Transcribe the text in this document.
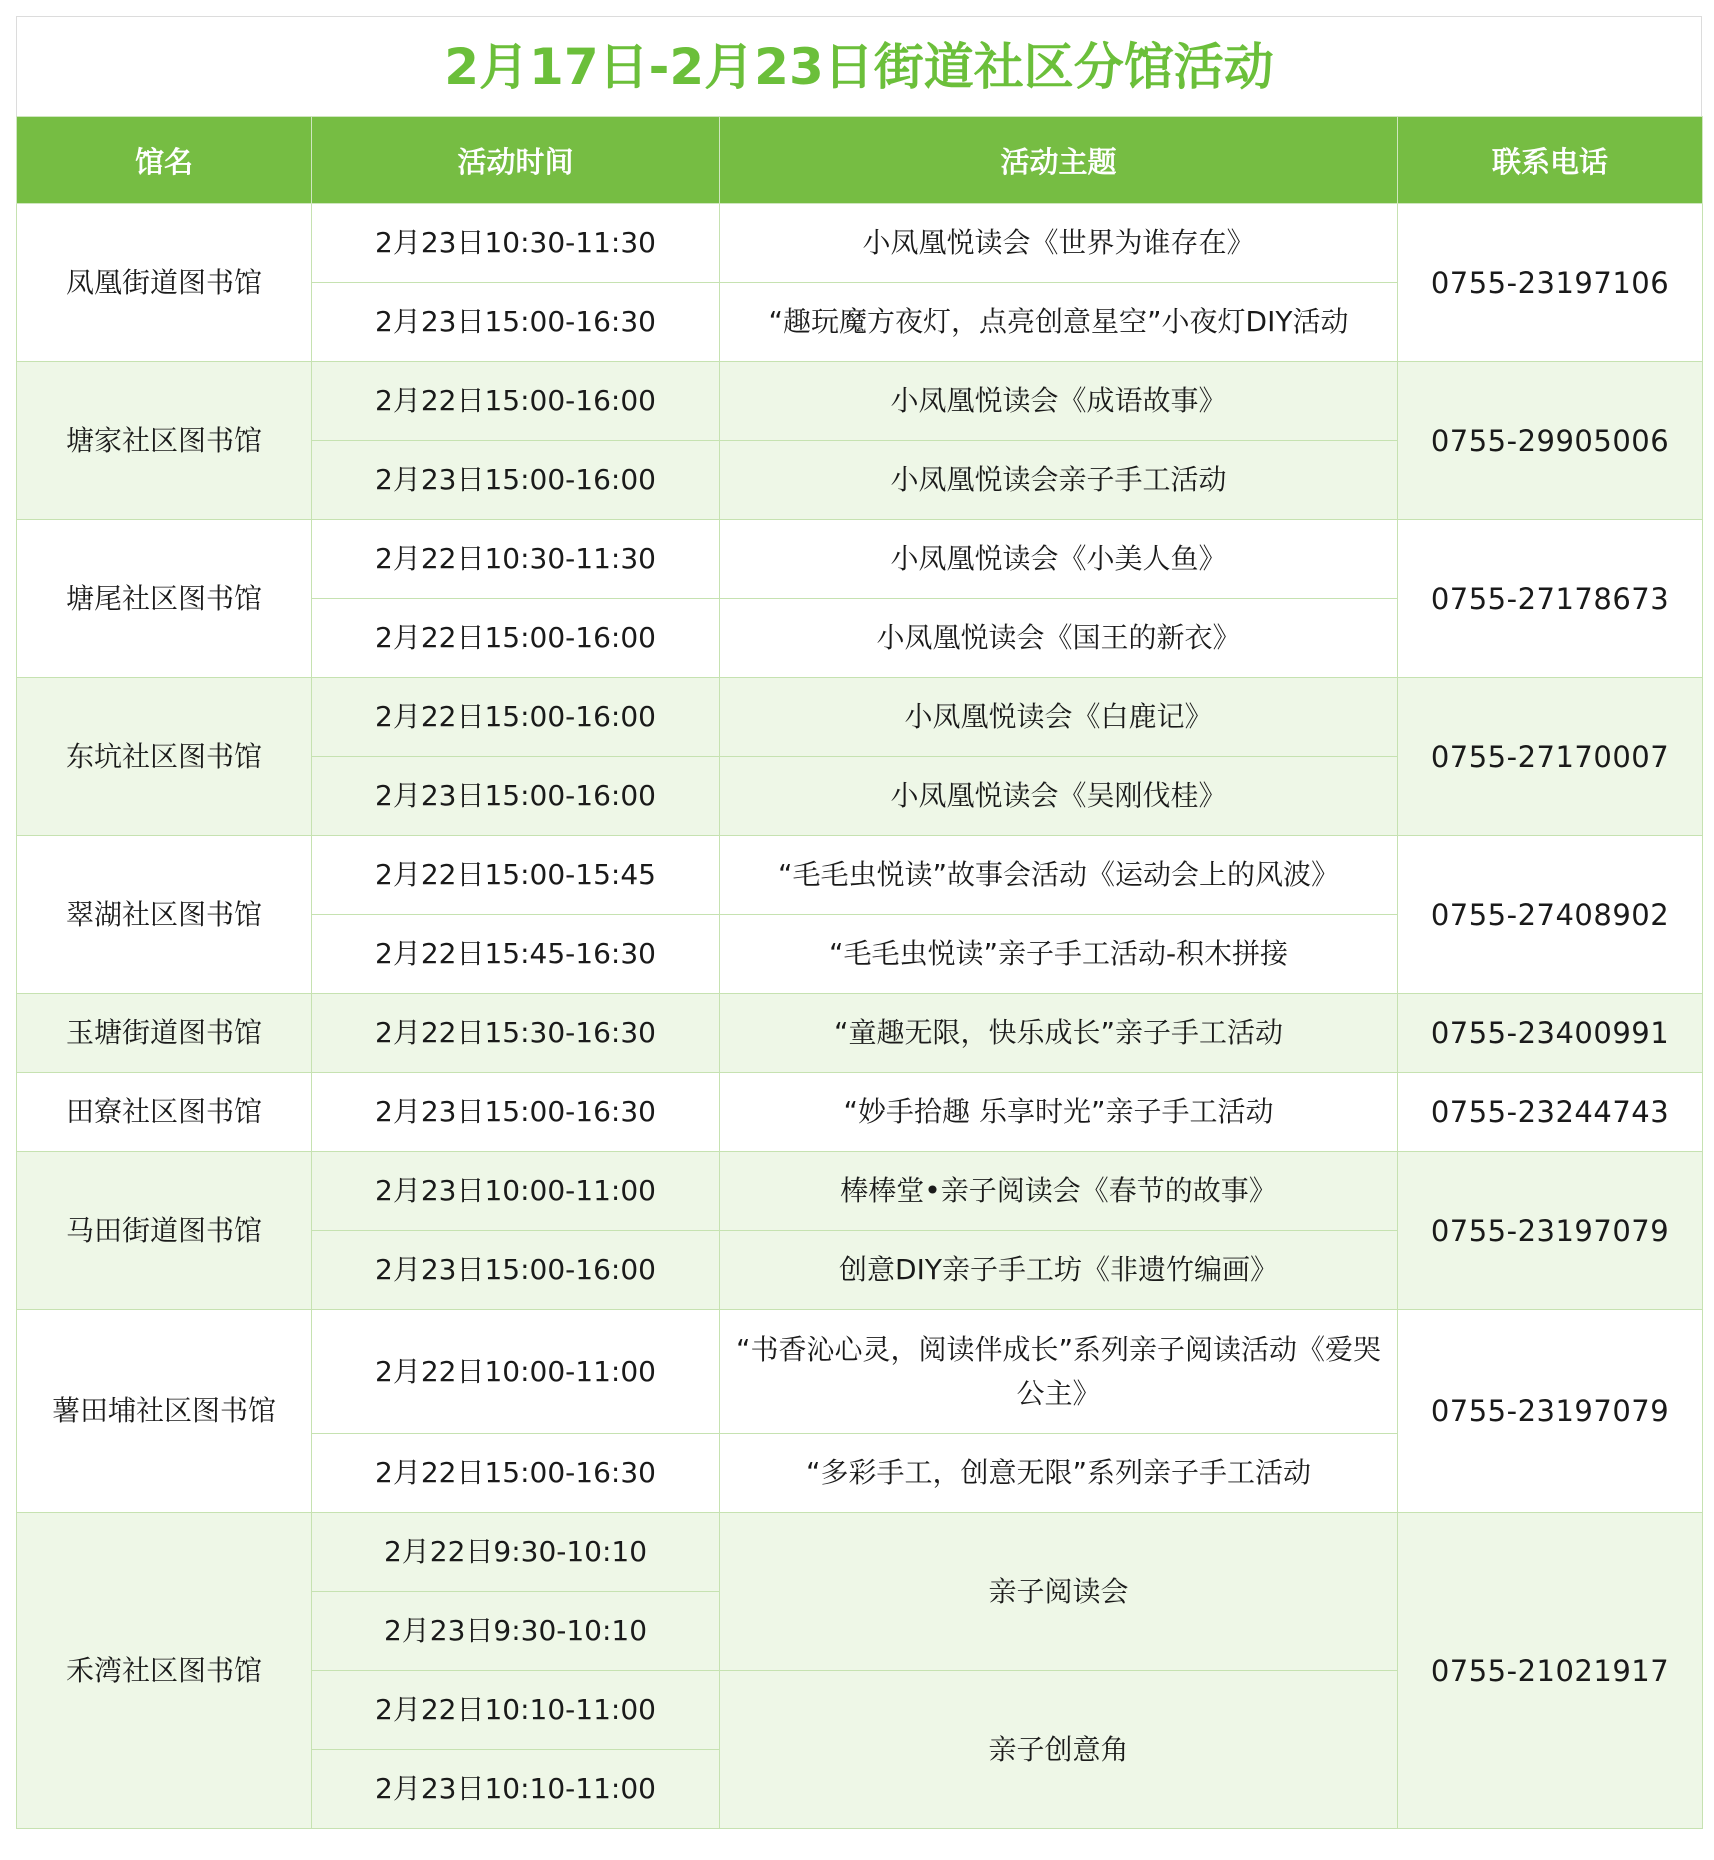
2月17日-2月23日街道社区分馆活动
馆名	活动时间	活动主题	联系电话
凤凰街道图书馆	2月23日10:30-11:30	小凤凰悦读会《世界为谁存在》	0755-23197106
	2月23日15:00-16:30	“趣玩魔方夜灯，点亮创意星空”小夜灯DIY活动	
塘家社区图书馆	2月22日15:00-16:00	小凤凰悦读会《成语故事》	0755-29905006
	2月23日15:00-16:00	小凤凰悦读会亲子手工活动	
塘尾社区图书馆	2月22日10:30-11:30	小凤凰悦读会《小美人鱼》	0755-27178673
	2月22日15:00-16:00	小凤凰悦读会《国王的新衣》	
东坑社区图书馆	2月22日15:00-16:00	小凤凰悦读会《白鹿记》	0755-27170007
	2月23日15:00-16:00	小凤凰悦读会《吴刚伐桂》	
翠湖社区图书馆	2月22日15:00-15:45	“毛毛虫悦读”故事会活动《运动会上的风波》	0755-27408902
	2月22日15:45-16:30	“毛毛虫悦读”亲子手工活动-积木拼接	
玉塘街道图书馆	2月22日15:30-16:30	“童趣无限，快乐成长”亲子手工活动	0755-23400991
田寮社区图书馆	2月23日15:00-16:30	“妙手拾趣 乐享时光”亲子手工活动	0755-23244743
马田街道图书馆	2月23日10:00-11:00	棒棒堂•亲子阅读会《春节的故事》	0755-23197079
	2月23日15:00-16:00	创意DIY亲子手工坊《非遗竹编画》	
薯田埔社区图书馆	2月22日10:00-11:00	“书香沁心灵，阅读伴成长”系列亲子阅读活动《爱哭公主》	0755-23197079
	2月22日15:00-16:30	“多彩手工，创意无限”系列亲子手工活动	
禾湾社区图书馆	2月22日9:30-10:10	亲子阅读会	0755-21021917
	2月23日9:30-10:10		
	2月22日10:10-11:00	亲子创意角	
	2月23日10:10-11:00		
